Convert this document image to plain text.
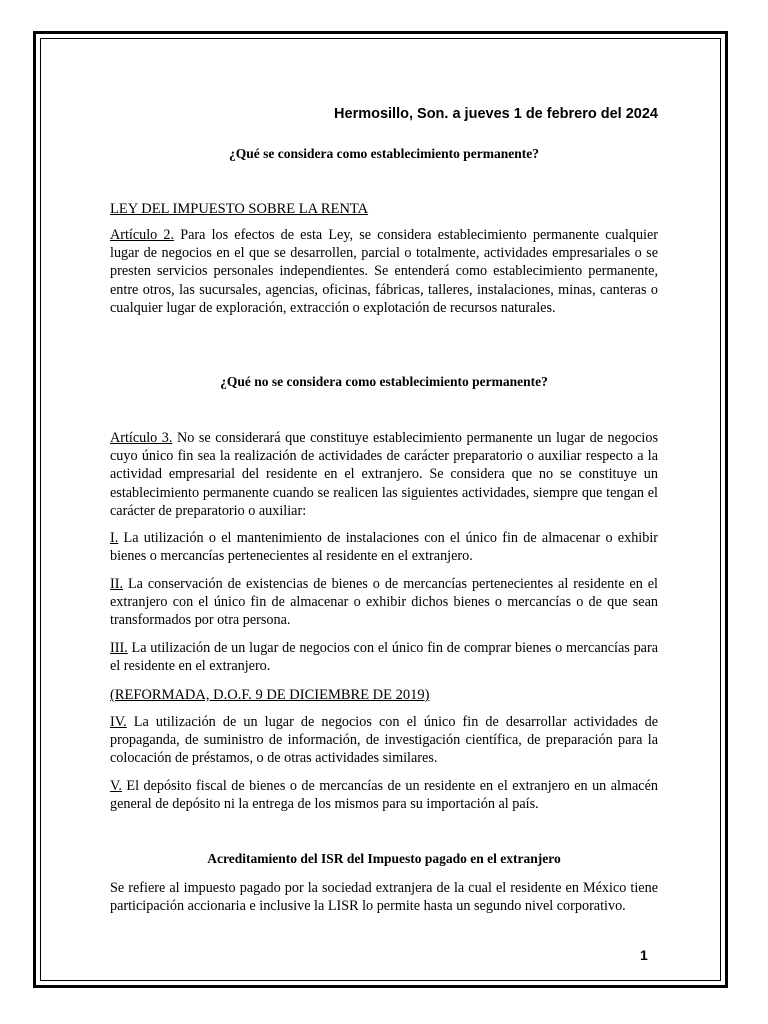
Hermosillo, Son. a jueves 1 de febrero del 2024
¿Qué se considera como establecimiento permanente?
LEY DEL IMPUESTO SOBRE LA RENTA
Artículo 2. Para los efectos de esta Ley, se considera establecimiento permanente cualquier lugar de negocios en el que se desarrollen, parcial o totalmente, actividades empresariales o se presten servicios personales independientes. Se entenderá como establecimiento permanente, entre otros, las sucursales, agencias, oficinas, fábricas, talleres, instalaciones, minas, canteras o cualquier lugar de exploración, extracción o explotación de recursos naturales.
¿Qué no se considera como establecimiento permanente?
Artículo 3. No se considerará que constituye establecimiento permanente un lugar de negocios cuyo único fin sea la realización de actividades de carácter preparatorio o auxiliar respecto a la actividad empresarial del residente en el extranjero. Se considera que no se constituye un establecimiento permanente cuando se realicen las siguientes actividades, siempre que tengan el carácter de preparatorio o auxiliar:
I. La utilización o el mantenimiento de instalaciones con el único fin de almacenar o exhibir bienes o mercancías pertenecientes al residente en el extranjero.
II. La conservación de existencias de bienes o de mercancías pertenecientes al residente en el extranjero con el único fin de almacenar o exhibir dichos bienes o mercancías o de que sean transformados por otra persona.
III. La utilización de un lugar de negocios con el único fin de comprar bienes o mercancías para el residente en el extranjero.
(REFORMADA, D.O.F. 9 DE DICIEMBRE DE 2019)
IV. La utilización de un lugar de negocios con el único fin de desarrollar actividades de propaganda, de suministro de información, de investigación científica, de preparación para la colocación de préstamos, o de otras actividades similares.
V. El depósito fiscal de bienes o de mercancías de un residente en el extranjero en un almacén general de depósito ni la entrega de los mismos para su importación al país.
Acreditamiento del ISR del Impuesto pagado en el extranjero
Se refiere al impuesto pagado por la sociedad extranjera de la cual el residente en México tiene participación accionaria e inclusive la LISR lo permite hasta un segundo nivel corporativo.
1
